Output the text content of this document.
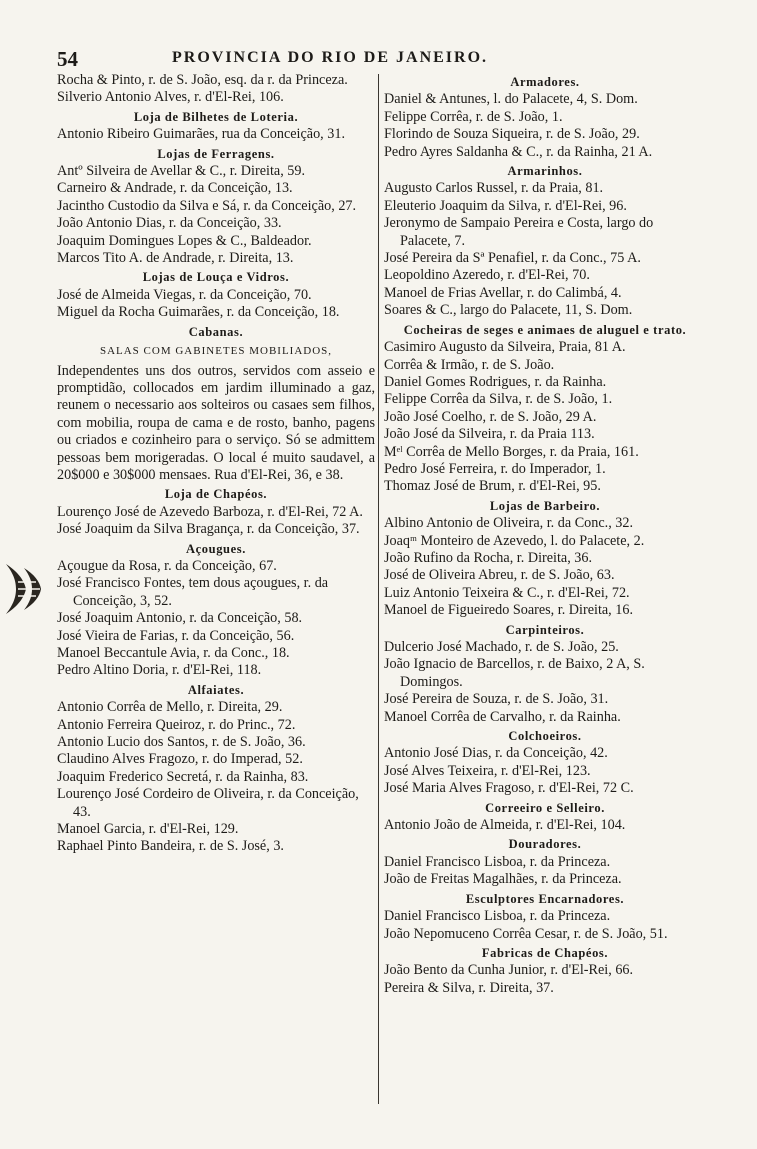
54	PROVINCIA DO RIO DE JANEIRO.
Rocha & Pinto, r. de S. João, esq. da r. da Princeza.
Silverio Antonio Alves, r. d'El-Rei, 106.
Loja de Bilhetes de Loteria.
Antonio Ribeiro Guimarães, rua da Conceição, 31.
Lojas de Ferragens.
Antº Silveira de Avellar & C., r. Direita, 59.
Carneiro & Andrade, r. da Conceição, 13.
Jacintho Custodio da Silva e Sá, r. da Conceição, 27.
João Antonio Dias, r. da Conceição, 33.
Joaquim Domingues Lopes & C., Baldeador.
Marcos Tito A. de Andrade, r. Direita, 13.
Lojas de Louça e Vidros.
José de Almeida Viegas, r. da Conceição, 70.
Miguel da Rocha Guimarães, r. da Conceição, 18.
Cabanas.
SALAS COM GABINETES MOBILIADOS,
Independentes uns dos outros, servidos com asseio e promptidão, collocados em jardim illuminado a gaz, reunem o necessario aos solteiros ou casaes sem filhos, com mobilia, roupa de cama e de rosto, banho, pagens ou criados e cozinheiro para o serviço. Só se admittem pessoas bem morigeradas. O local é muito saudavel, a 20$000 e 30$000 mensaes. Rua d'El-Rei, 36, e 38.
Loja de Chapéos.
Lourenço José de Azevedo Barboza, r. d'El-Rei, 72 A.
José Joaquim da Silva Bragança, r. da Conceição, 37.
Açougues.
Açougue da Rosa, r. da Conceição, 67.
José Francisco Fontes, tem dous açougues, r. da Conceição, 3, 52.
José Joaquim Antonio, r. da Conceição, 58.
José Vieira de Farias, r. da Conceição, 56.
Manoel Beccantule Avia, r. da Conc., 18.
Pedro Altino Doria, r. d'El-Rei, 118.
Alfaiates.
Antonio Corrêa de Mello, r. Direita, 29.
Antonio Ferreira Queiroz, r. do Princ., 72.
Antonio Lucio dos Santos, r. de S. João, 36.
Claudino Alves Fragozo, r. do Imperad, 52.
Joaquim Frederico Secretá, r. da Rainha, 83.
Lourenço José Cordeiro de Oliveira, r. da Conceição, 43.
Manoel Garcia, r. d'El-Rei, 129.
Raphael Pinto Bandeira, r. de S. José, 3.
Armadores.
Daniel & Antunes, l. do Palacete, 4, S. Dom.
Felippe Corrêa, r. de S. João, 1.
Florindo de Souza Siqueira, r. de S. João, 29.
Pedro Ayres Saldanha & C., r. da Rainha, 21 A.
Armarinhos.
Augusto Carlos Russel, r. da Praia, 81.
Eleuterio Joaquim da Silva, r. d'El-Rei, 96.
Jeronymo de Sampaio Pereira e Costa, largo do Palacete, 7.
José Pereira da Sª Penafiel, r. da Conc., 75 A.
Leopoldino Azeredo, r. d'El-Rei, 70.
Manoel de Frias Avellar, r. do Calimbá, 4.
Soares & C., largo do Palacete, 11, S. Dom.
Cocheiras de seges e animaes de aluguel e trato.
Casimiro Augusto da Silveira, Praia, 81 A.
Corrêa & Irmão, r. de S. João.
Daniel Gomes Rodrigues, r. da Rainha.
Felippe Corrêa da Silva, r. de S. João, 1.
João José Coelho, r. de S. João, 29 A.
João José da Silveira, r. da Praia 113.
Mᵉˡ Corrêa de Mello Borges, r. da Praia, 161.
Pedro José Ferreira, r. do Imperador, 1.
Thomaz José de Brum, r. d'El-Rei, 95.
Lojas de Barbeiro.
Albino Antonio de Oliveira, r. da Conc., 32.
Joaqᵐ Monteiro de Azevedo, l. do Palacete, 2.
João Rufino da Rocha, r. Direita, 36.
José de Oliveira Abreu, r. de S. João, 63.
Luiz Antonio Teixeira & C., r. d'El-Rei, 72.
Manoel de Figueiredo Soares, r. Direita, 16.
Carpinteiros.
Dulcerio José Machado, r. de S. João, 25.
João Ignacio de Barcellos, r. de Baixo, 2 A, S. Domingos.
José Pereira de Souza, r. de S. João, 31.
Manoel Corrêa de Carvalho, r. da Rainha.
Colchoeiros.
Antonio José Dias, r. da Conceição, 42.
José Alves Teixeira, r. d'El-Rei, 123.
José Maria Alves Fragoso, r. d'El-Rei, 72 C.
Correeiro e Selleiro.
Antonio João de Almeida, r. d'El-Rei, 104.
Douradores.
Daniel Francisco Lisboa, r. da Princeza.
João de Freitas Magalhães, r. da Princeza.
Esculptores Encarnadores.
Daniel Francisco Lisboa, r. da Princeza.
João Nepomuceno Corrêa Cesar, r. de S. João, 51.
Fabricas de Chapéos.
João Bento da Cunha Junior, r. d'El-Rei, 66.
Pereira & Silva, r. Direita, 37.
